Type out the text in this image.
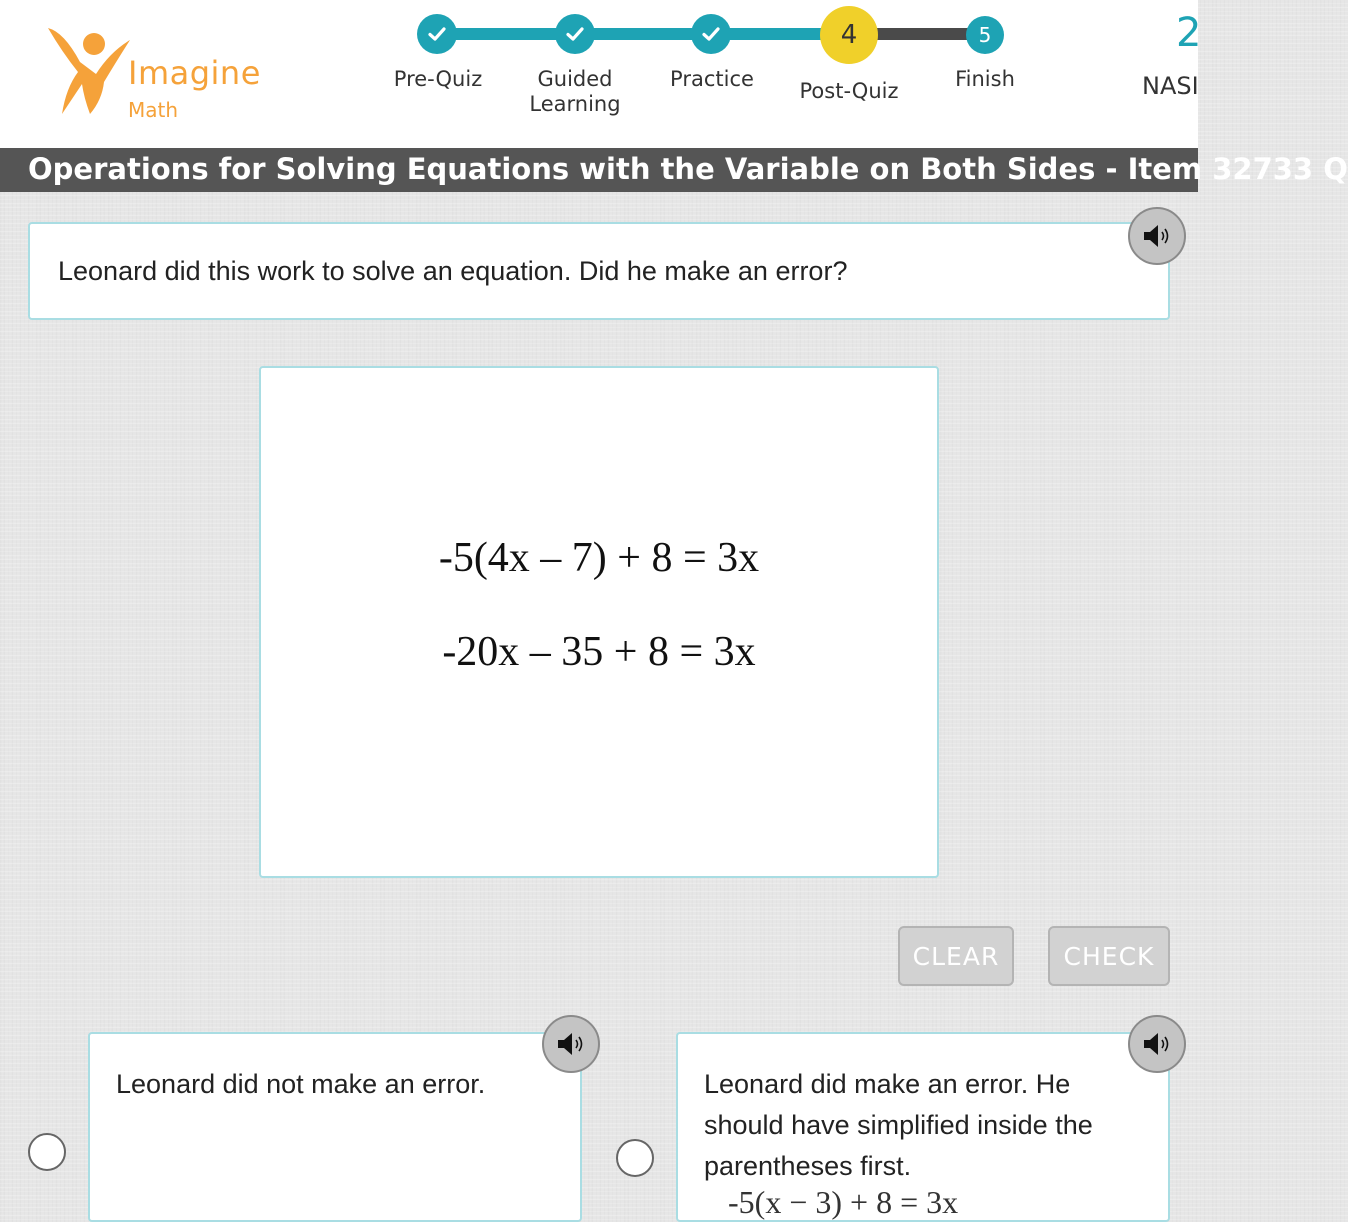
Imagine
Math
4	5
Pre-Quiz	Guided Learning
Practice	Post-Quiz	Finish
2
NASI
Operations for Solving Equations with the Variable on Both Sides - Item 32733 Q
Leonard did this work to solve an equation. Did he make an error?
-5(4x – 7) + 8 = 3x
-20x – 35 + 8 = 3x
CLEAR	CHECK
Leonard did not make an error.	Leonard did make an error. He should have simplified inside the parentheses first.
-5(x − 3) + 8 = 3x
